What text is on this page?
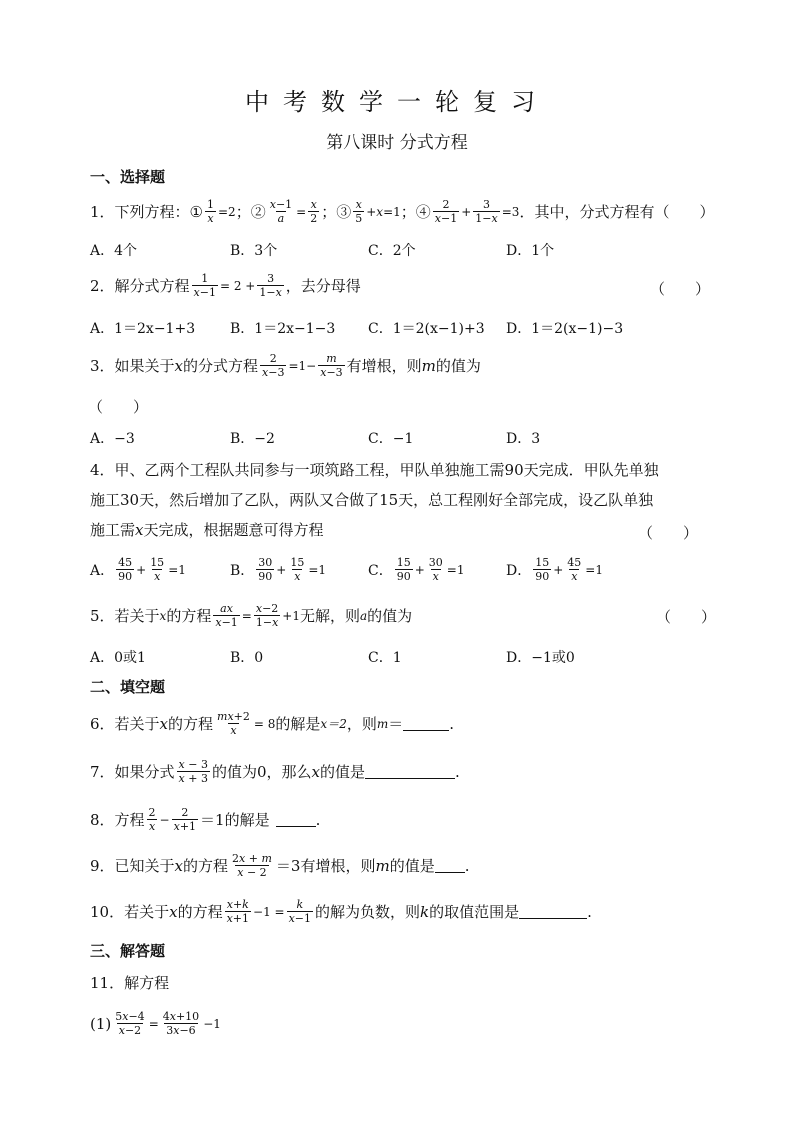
中考数学一轮复习
第八课时 分式方程
一、选择题
1．下列方程： ① $\frac{1}{x} =2$ ；② $\frac{x-1}{a} = \frac{x}{2}$ ；③ $\frac{x}{5} +x=1$ ；④ $\frac{2}{x-1} + \frac{3}{1-x} =3$ ．其中，分式方程有（　　）
A．4个	B．3个	C．2个	D．1个
2．解分式方程 $\frac{1}{x-1} = 2 + \frac{3}{1-x}$ ，去分母得	（　　）
A．1＝2x−1+3 B．1＝2x−1−3 C．1＝2(x−1)+3 D．1＝2(x−1)−3
3．如果关于 x 的分式方程 $\frac{2}{x-3} =1- \frac{m}{x-3}$ 有增根，则 m 的值为
（　　）
A．−3	B．−2	C．−1	D．3
4．甲、乙两个工程队共同参与一项筑路工程，甲队单独施工需90天完成．甲队先单独
施工30天，然后增加了乙队，两队又合做了15天，总工程刚好全部完成，设乙队单独
施工需x天完成，根据题意可得方程	（　　）
A． $\frac{45}{90} + \frac{15}{x} =1$	B． $\frac{30}{90} + \frac{15}{x} =1$	C． $\frac{15}{90} + \frac{30}{x} =1$	D． $\frac{15}{90} + \frac{45}{x} =1$
5．若关于 x 的方程 $\frac{ax}{x-1} = \frac{x-2}{1-x} +1$ 无解，则 a 的值为	（　　）
A．0或1	B．0	C．1	D．−1或0
二、填空题
6．若关于 x 的方程 $\frac{mx+2}{x} = 8$ 的解是 x＝2 ，则 m ＝	.
7．如果分式 $\frac{x - 3}{x + 3}$ 的值为0，那么 x 的值是	.
8．方程 $\frac{2}{x} - \frac{2}{x+1} =1$的解是	.
9．已知关于 x 的方程 $\frac{2x + m}{x - 2} =3$有增根，则 m 的值是 .
10．若关于 x 的方程 $\frac{x+k}{x+1} -1 = \frac{k}{x-1}$ 的解为负数，则 k 的取值范围是	.
三、解答题
11．解方程
$(1) \frac{5x-4}{x-2} = \frac{4x+10}{3x-6} -1$
